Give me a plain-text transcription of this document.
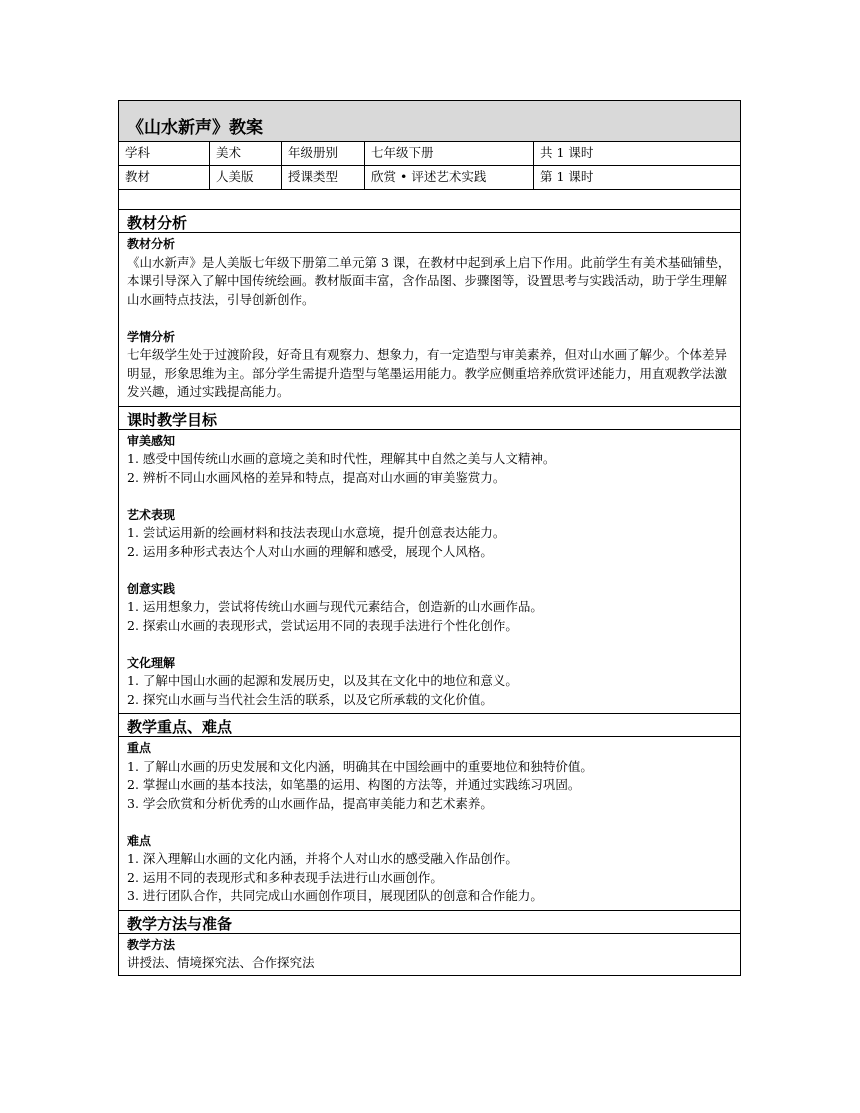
《山水新声》教案
学科	美术	年级册别	七年级下册	共 1 课时
教材	人美版	授课类型	欣赏 • 评述艺术实践	第 1 课时
教材分析
教材分析

《山水新声》是人美版七年级下册第二单元第 3 课，在教材中起到承上启下作用。此前学生有美术基础铺垫，本课引导深入了解中国传统绘画。教材版面丰富，含作品图、步骤图等，设置思考与实践活动，助于学生理解山水画特点技法，引导创新创作。

学情分析

七年级学生处于过渡阶段，好奇且有观察力、想象力，有一定造型与审美素养，但对山水画了解少。个体差异明显，形象思维为主。部分学生需提升造型与笔墨运用能力。教学应侧重培养欣赏评述能力，用直观教学法激发兴趣，通过实践提高能力。

课时教学目标
审美感知
1. 感受中国传统山水画的意境之美和时代性，理解其中自然之美与人文精神。
2. 辨析不同山水画风格的差异和特点，提高对山水画的审美鉴赏力。
艺术表现
1. 尝试运用新的绘画材料和技法表现山水意境，提升创意表达能力。
2. 运用多种形式表达个人对山水画的理解和感受，展现个人风格。
创意实践
1. 运用想象力，尝试将传统山水画与现代元素结合，创造新的山水画作品。
2. 探索山水画的表现形式，尝试运用不同的表现手法进行个性化创作。
文化理解
1. 了解中国山水画的起源和发展历史，以及其在文化中的地位和意义。
2. 探究山水画与当代社会生活的联系，以及它所承载的文化价值。
教学重点、难点
重点
1. 了解山水画的历史发展和文化内涵，明确其在中国绘画中的重要地位和独特价值。
2. 掌握山水画的基本技法，如笔墨的运用、构图的方法等，并通过实践练习巩固。
3. 学会欣赏和分析优秀的山水画作品，提高审美能力和艺术素养。
难点
1. 深入理解山水画的文化内涵，并将个人对山水的感受融入作品创作。
2. 运用不同的表现形式和多种表现手法进行山水画创作。
3. 进行团队合作，共同完成山水画创作项目，展现团队的创意和合作能力。
教学方法与准备
教学方法

讲授法、情境探究法、合作探究法
